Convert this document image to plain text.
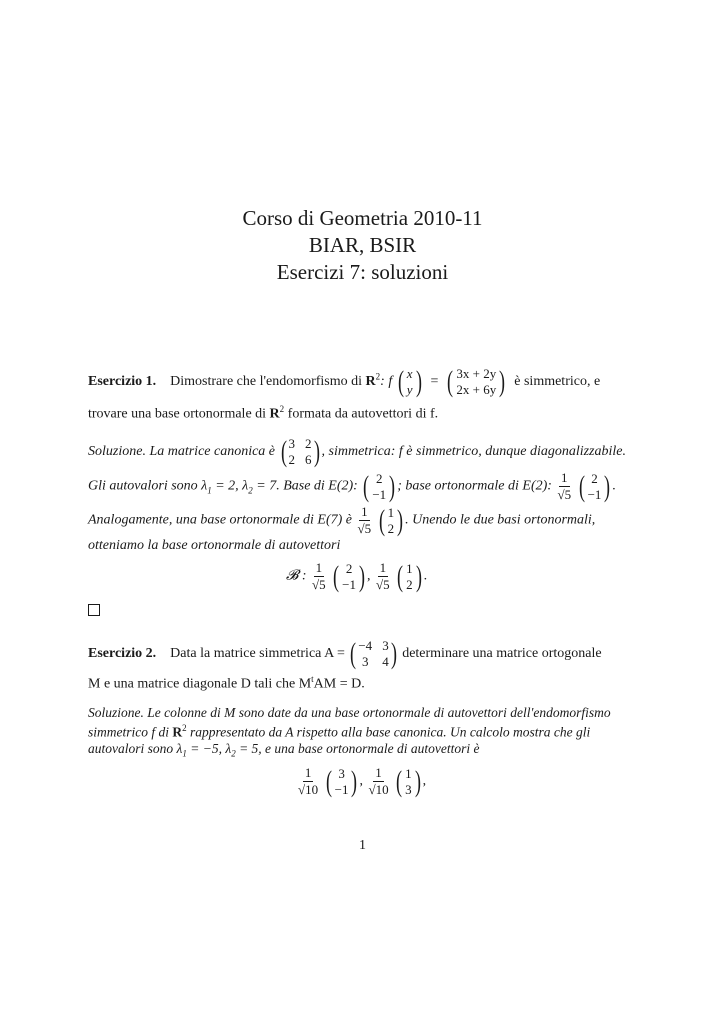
Corso di Geometria 2010-11
BIAR, BSIR
Esercizi 7: soluzioni
Esercizio 1. Dimostrare che l'endomorfismo di $R^2$: f ( x
y ) = ( 3x + 2y
2x + 6y ) è simmetrico, e
trovare una base ortonormale di $R^2$ formata da autovettori di f.
Soluzione. La matrice canonica è ( 3 2
2 6 ) , simmetrica: f è simmetrico, dunque diagonalizzabile.
Gli autovalori sono $\lambda_1 = 2$, $\lambda_2 = 7$. Base di E(2): ( 2
−1 ) ; base ortonormale di E(2): $\frac{1}{√5}$
( 2
−1 ) .
Analogamente, una base ortonormale di E(7) è $\frac{1}{√5}$
( 1
2 ) . Unendo le due basi ortonormali,
otteniamo la base ortonormale di autovettori
𝓑 : $\frac{1}{√5}$
( 2
−1 ) , $\frac{1}{√5}$
( 1
2 ) .
Esercizio 2. Data la matrice simmetrica A = ( −4 3
3 4 ) determinare una matrice ortogonale
M e una matrice diagonale D tali che $M^tAM = D$.
Soluzione. Le colonne di M sono date da una base ortonormale di autovettori dell'endomorfismo
simmetrico f di $R^2$ rappresentato da A rispetto alla base canonica. Un calcolo mostra che gli
autovalori sono $\lambda_1 = -5$, $\lambda_2 = 5$, e una base ortonormale di autovettori è
$\frac{1}{√10}$
( 3
−1 ) , $\frac{1}{√10}$
( 1
3 ) ,
1
